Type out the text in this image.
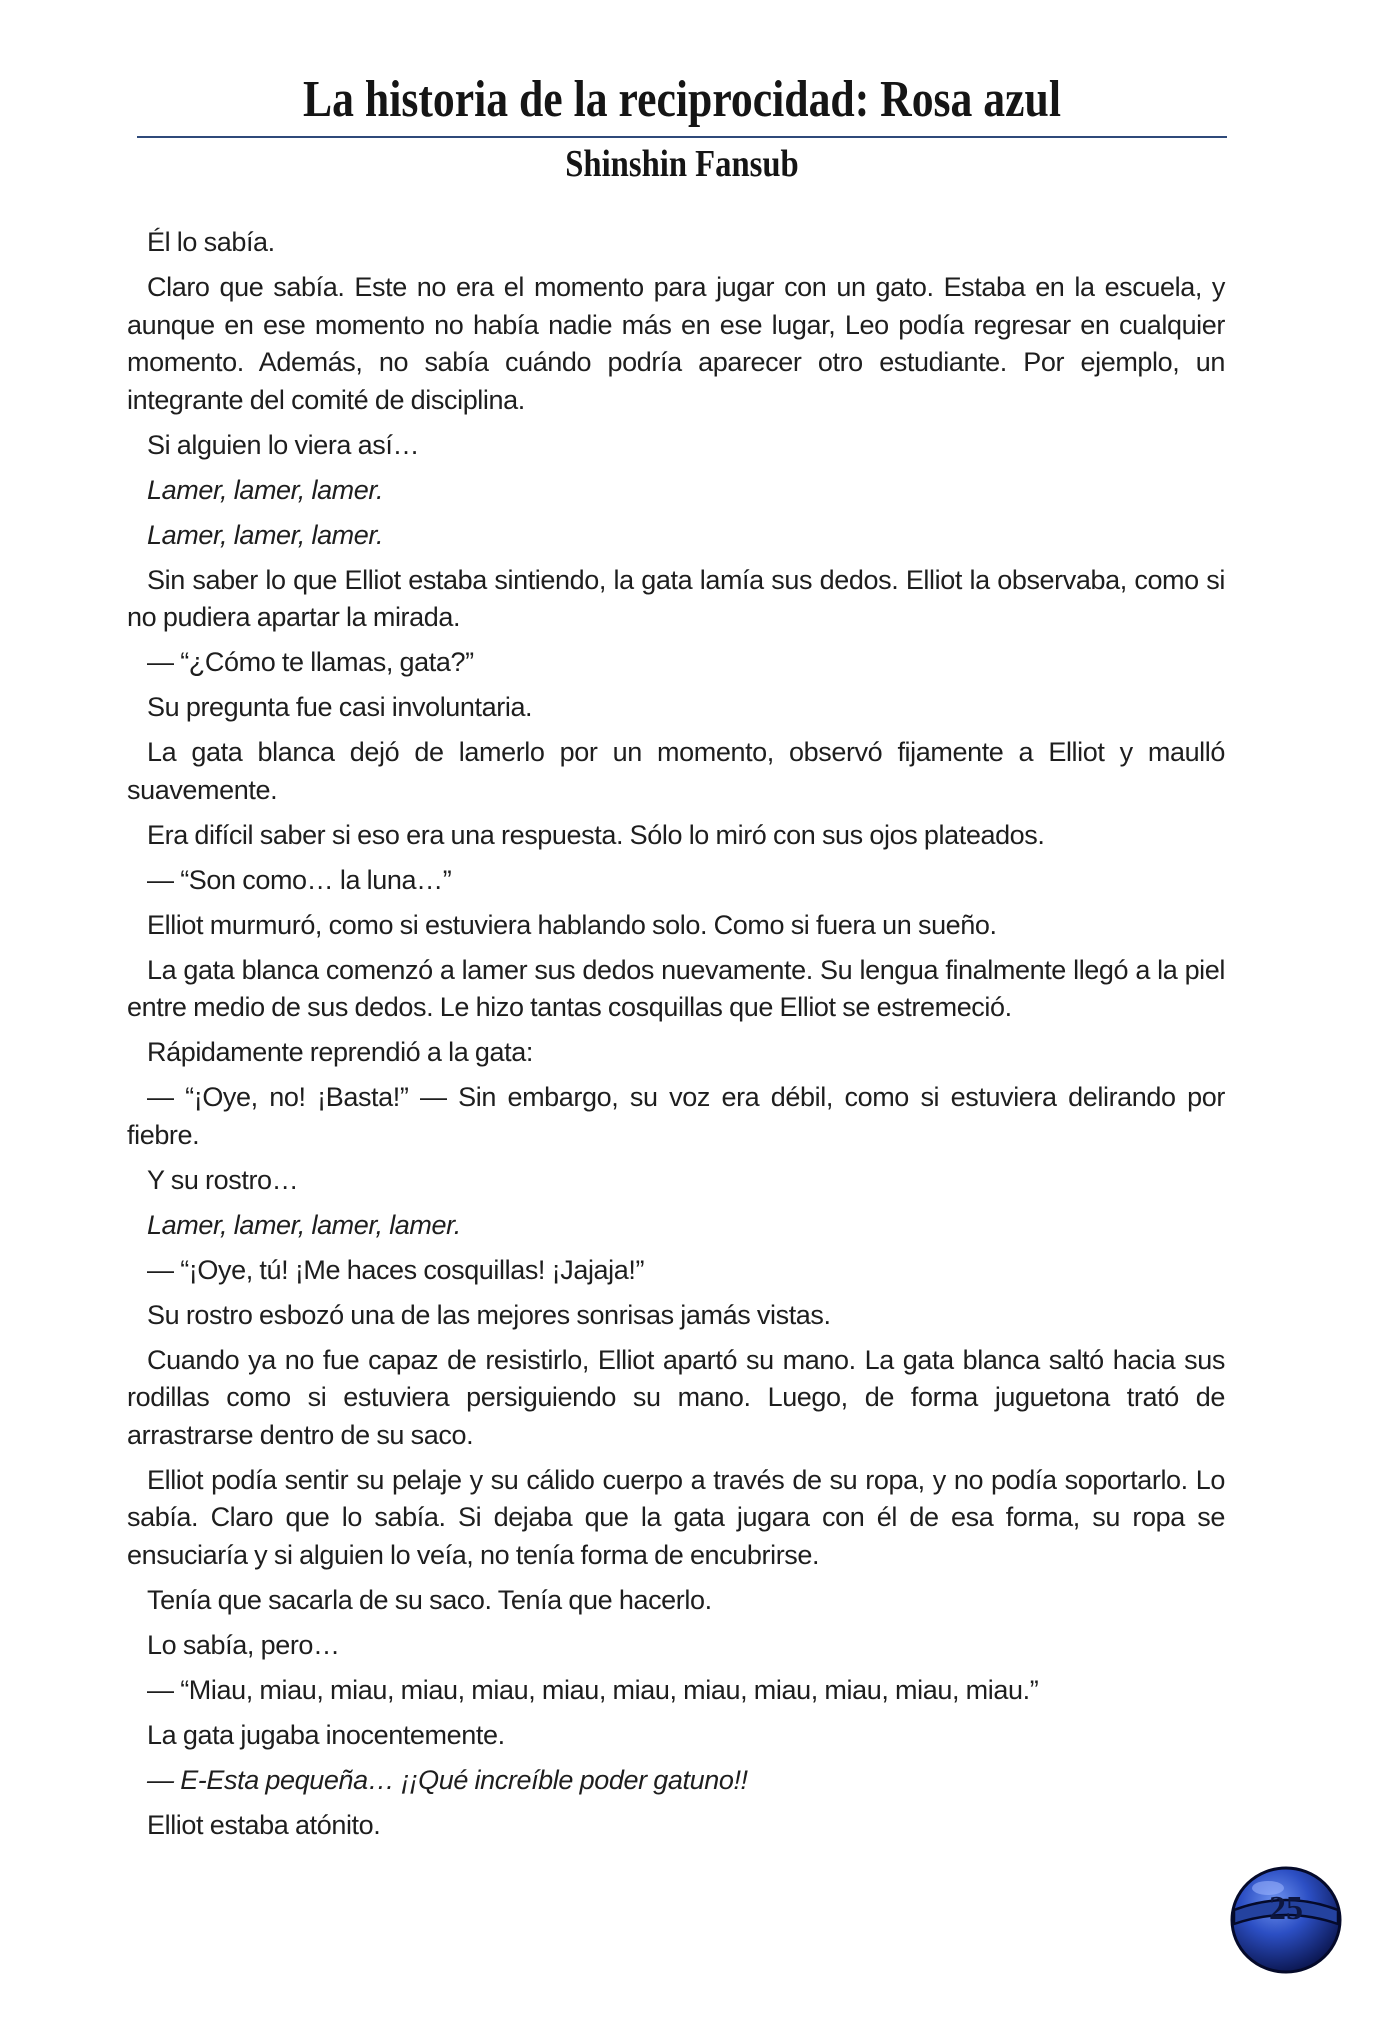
La historia de la reciprocidad: Rosa azul
Shinshin Fansub

Él lo sabía.

Claro que sabía. Este no era el momento para jugar con un gato. Estaba en la escuela, y aunque en ese momento no había nadie más en ese lugar, Leo podía regresar en cualquier momento. Además, no sabía cuándo podría aparecer otro estudiante. Por ejemplo, un integrante del comité de disciplina.

Si alguien lo viera así…

Lamer, lamer, lamer.

Lamer, lamer, lamer.

Sin saber lo que Elliot estaba sintiendo, la gata lamía sus dedos. Elliot la observaba, como si no pudiera apartar la mirada.

— “¿Cómo te llamas, gata?”

Su pregunta fue casi involuntaria.

La gata blanca dejó de lamerlo por un momento, observó fijamente a Elliot y maulló suavemente.

Era difícil saber si eso era una respuesta. Sólo lo miró con sus ojos plateados.

— “Son como… la luna…”

Elliot murmuró, como si estuviera hablando solo. Como si fuera un sueño.

La gata blanca comenzó a lamer sus dedos nuevamente. Su lengua finalmente llegó a la piel entre medio de sus dedos. Le hizo tantas cosquillas que Elliot se estremeció.

Rápidamente reprendió a la gata:

— “¡Oye, no! ¡Basta!” — Sin embargo, su voz era débil, como si estuviera delirando por fiebre.

Y su rostro…

Lamer, lamer, lamer, lamer.

— “¡Oye, tú! ¡Me haces cosquillas! ¡Jajaja!”

Su rostro esbozó una de las mejores sonrisas jamás vistas.

Cuando ya no fue capaz de resistirlo, Elliot apartó su mano. La gata blanca saltó hacia sus rodillas como si estuviera persiguiendo su mano. Luego, de forma juguetona trató de arrastrarse dentro de su saco.

Elliot podía sentir su pelaje y su cálido cuerpo a través de su ropa, y no podía soportarlo. Lo sabía. Claro que lo sabía. Si dejaba que la gata jugara con él de esa forma, su ropa se ensuciaría y si alguien lo veía, no tenía forma de encubrirse.

Tenía que sacarla de su saco. Tenía que hacerlo.

Lo sabía, pero…

— “Miau, miau, miau, miau, miau, miau, miau, miau, miau, miau, miau, miau.”

La gata jugaba inocentemente.

— E-Esta pequeña… ¡¡Qué increíble poder gatuno!!

Elliot estaba atónito.

25
